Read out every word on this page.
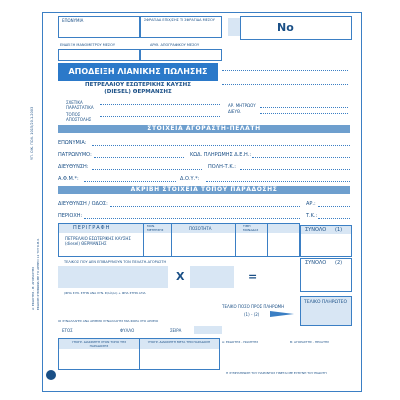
ΥΠ. ΟΙΚ. ΠΟΛ. 1015/20.1.2003
ΕΚΔΟΣΗ ΣΥΜΦΩΝΑ ΜΕ ΤΟ ΑΡΘΡΟ 12 ΤΟΥ Κ.Β.Σ.
Α: ΕΚΔΟΤΗΣ - Β: ΑΓΟΡΑΣΤΗΣ
ΕΠΩΝΥΜΙΑ	ΣΦΡΑΓΙΔΑ ΕΠΙΧ/ΣΗΣ ΤΙ ΣΦΡΑΓΙΔΑ ΜΕΣΟΥ
Νο
ΕΝΔΕΙΞΗ ΜΑΝΟΜΕΤΡΟΥ ΜΕΣΟΥ	ΑΡΙΘ. ΑΠΟΓΡΑΦΙΚΟΥ ΜΕΣΟΥ
ΑΠΟΔΕΙΞΗ ΛΙΑΝΙΚΗΣ ΠΩΛΗΣΗΣ
ΠΕΤΡΕΛΑΙΟΥ ΕΣΩΤΕΡΙΚΗΣ ΚΑΥΣΗΣ
(DIESEL) ΘΕΡΜΑΝΣΗΣ
ΣΧΕΤΙΚΑ
ΠΑΡΑΣΤΑΤΙΚΑ
ΤΟΠΟΣ
ΑΠΟΣΤΟΛΗΣ
ΑΡ. ΜΗΤΡΩΟΥ
ΔΙΕΥΘ.
ΣΤΟΙΧΕΙΑ ΑΓΟΡΑΣΤΗ-ΠΕΛΑΤΗ
ΕΠΩΝΥΜΙΑ:
ΠΑΤΡΩΝΥΜΟ:	ΚΩΔ. ΠΛΗΡΩΜΗΣ Δ.Ε.Η.:
ΔΙΕΥΘΥΝΣΗ:	ΠΟΛΗ-Τ.Κ.:
Α.Φ.Μ.*:	Δ.Ο.Υ.*:
ΑΚΡΙΒΗ ΣΤΟΙΧΕΙΑ ΤΟΠΟΥ ΠΑΡΑΔΟΣΗΣ
ΔΙΕΥΘΥΝΣΗ / ΟΔΟΣ:	ΑΡ.:
ΠΕΡΙΟΧΗ:	Τ.Κ.:
ΠΕΡΙΓΡΑΦΗ	ΜΟΝ. ΜΕΤΡΗΣΗΣ	ΠΟΣΟΤΗΤΑ	ΤΙΜΗ ΜΟΝΑΔΑΣ
ΠΕΤΡΕΛΑΙΟ ΕΣΩΤΕΡΙΚΗΣ ΚΑΥΣΗΣ
(diesel) ΘΕΡΜΑΝΣΗΣ
ΣΥΝΟΛΟ (1)
ΤΕΛΙΚΟΣ ΠΟΥ ΔΕΝ ΕΠΙΒΑΡΥΝΟΥΝ ΤΟΝ ΠΕΛΑΤΗ-ΑΓΟΡΑΣΤΗ
X	=
ΣΥΝΟΛΟ (2)
(ΦΠΑ ΣΥΝ. ΣΤΗΝ ΑΝΑ ΣΥΝ. €/λίτρο) + ΦΠΑ ΣΤΗΝ ΑΞΙΑ
ΤΕΛΙΚΟ ΠΟΣΟ ΠΡΟΣ ΠΛΗΡΩΜΗ
(1) - (2)
ΤΕΛΙΚΟ ΠΛΗΡΩΤΕΟ
ΟΙ ΣΥΝΑΛΛΑΓΕΣ ΑΝΑ ΑΡΙΘΜΟ ΣΥΝΑΛΛΑΓΗΣ ΜΙΑ ΦΟΡΑ ΣΤΟ ΑΡΧΕΙΟ
ΕΤΟΣ	ΦΥΛΛΟ	ΣΕΙΡΑ
ΥΠΟΓΡ. ΔΙΑΚΙΝΗΤΗ ΣΤΟΝ ΤΟΠΟ ΤΗΣ ΠΑΡΑΔΟΣΗΣ
ΥΠΟΓΡ. ΔΙΑΚΙΝΗΤΗ ΜΕΤΑ ΤΗΝ ΠΑΡΑΔΟΣΗ	Α: ΕΚΔΟΤΗΣ - ΠΩΛΗΤΗΣ	Β: ΑΓΟΡΑΣΤΗΣ - ΠΕΛΑΤΗΣ
Η ΣΥΜΠΛΗΡΩΣΗ ΤΟΥ ΠΑΡΟΝΤΟΣ ΓΙΝΕΤΑΙ ΜΕ ΕΥΘΥΝΗ ΤΟΥ ΕΚΔΟΤΗ
